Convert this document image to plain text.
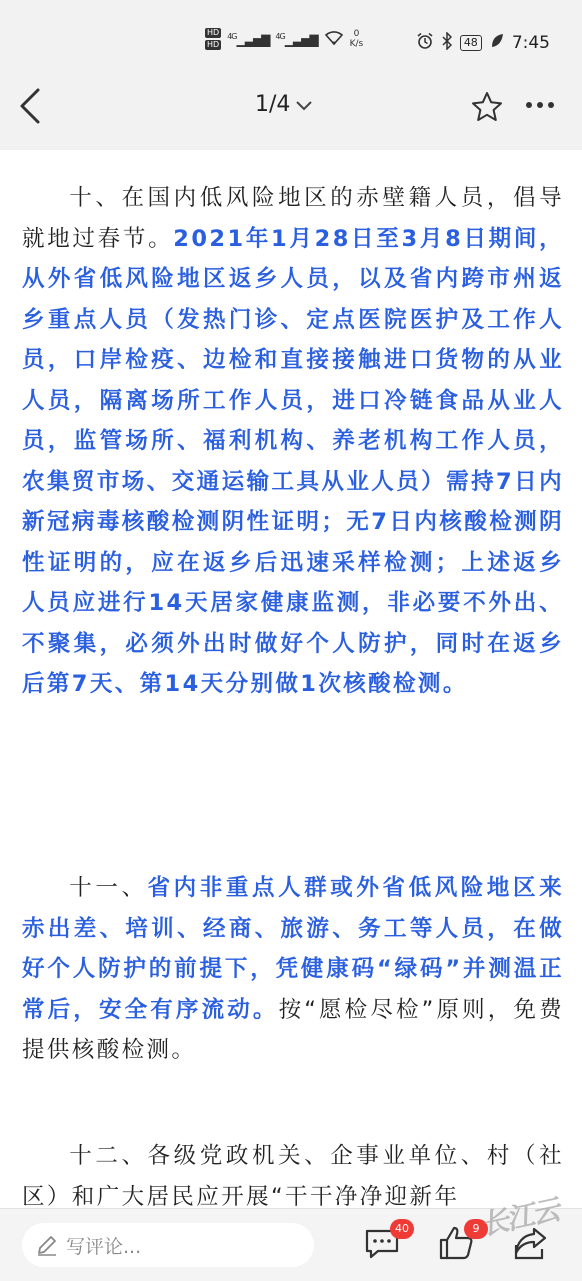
HD
HD
$^{4G}$▁▃▅▇ $^{4G}$▁▃▅▇	0
K/s	48 7:45
1/4

十、在国内低风险地区的赤壁籍人员，倡导就地过春节。2021年1月28日至3月8日期间，从外省低风险地区返乡人员，以及省内跨市州返乡重点人员（发热门诊、定点医院医护及工作人员，口岸检疫、边检和直接接触进口货物的从业人员，隔离场所工作人员，进口冷链食品从业人员，监管场所、福利机构、养老机构工作人员，农集贸市场、交通运输工具从业人员）需持7日内新冠病毒核酸检测阴性证明；无7日内核酸检测阴性证明的，应在返乡后迅速采样检测；上述返乡人员应进行14天居家健康监测，非必要不外出、不聚集，必须外出时做好个人防护，同时在返乡后第7天、第14天分别做1次核酸检测。

十一、省内非重点人群或外省低风险地区来赤出差、培训、经商、旅游、务工等人员，在做好个人防护的前提下，凭健康码“绿码”并测温正常后，安全有序流动。按“愿检尽检”原则，免费提供核酸检测。

十二、各级党政机关、企事业单位、村（社区）和广大居民应开展“干干净净迎新年

写评论...
40	9
长江云
